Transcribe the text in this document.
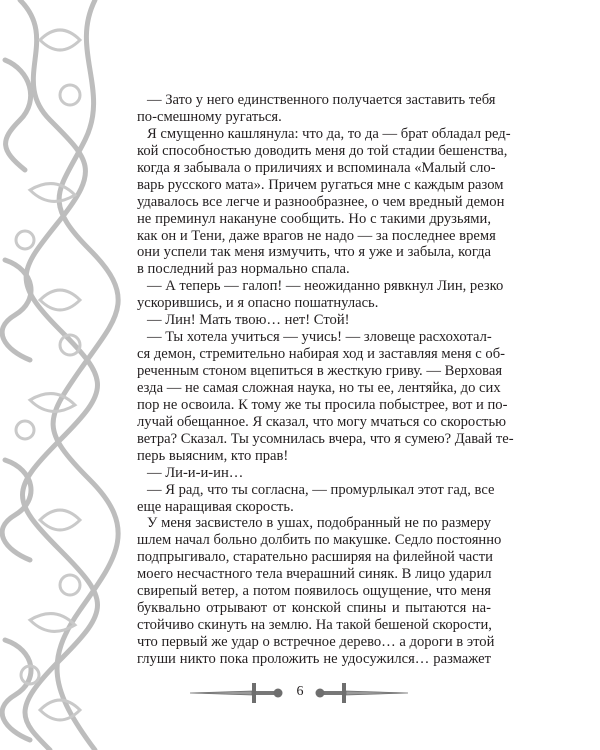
— Зато у него единственного получается заставить тебя
по-смешному ругаться.
Я смущенно кашлянула: что да, то да — брат обладал ред-
кой способностью доводить меня до той стадии бешенства,
когда я забывала о приличиях и вспоминала «Малый сло-
варь русского мата». Причем ругаться мне с каждым разом
удавалось все легче и разнообразнее, о чем вредный демон
не преминул накануне сообщить. Но с такими друзьями,
как он и Тени, даже врагов не надо — за последнее время
они успели так меня измучить, что я уже и забыла, когда
в последний раз нормально спала.
— А теперь — галоп! — неожиданно рявкнул Лин, резко
ускорившись, и я опасно пошатнулась.
— Лин! Мать твою… нет! Стой!
— Ты хотела учиться — учись! — зловеще расхохотал-
ся демон, стремительно набирая ход и заставляя меня с об-
реченным стоном вцепиться в жесткую гриву. — Верховая
езда — не самая сложная наука, но ты ее, лентяйка, до сих
пор не освоила. К тому же ты просила побыстрее, вот и по-
лучай обещанное. Я сказал, что могу мчаться со скоростью
ветра? Сказал. Ты усомнилась вчера, что я сумею? Давай те-
перь выясним, кто прав!
— Ли-и-и-ин…
— Я рад, что ты согласна, — промурлыкал этот гад, все
еще наращивая скорость.
У меня засвистело в ушах, подобранный не по размеру
шлем начал больно долбить по макушке. Седло постоянно
подпрыгивало, старательно расширяя на филейной части
моего несчастного тела вчерашний синяк. В лицо ударил
свирепый ветер, а потом появилось ощущение, что меня
буквально отрывают от конской спины и пытаются на-
стойчиво скинуть на землю. На такой бешеной скорости,
что первый же удар о встречное дерево… а дороги в этой
глуши никто пока проложить не удосужился… размажет
6
